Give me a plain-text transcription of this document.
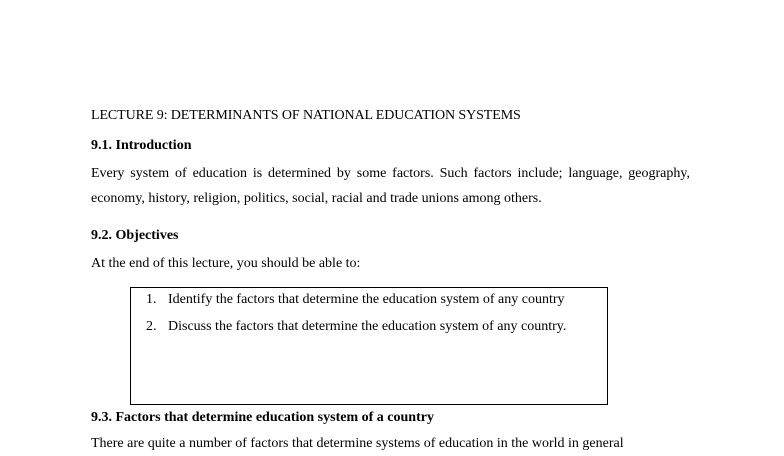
LECTURE 9: DETERMINANTS OF NATIONAL EDUCATION SYSTEMS
9.1. Introduction
Every system of education is determined by some factors. Such factors include; language, geography, economy, history, religion, politics, social, racial and trade unions among others.
9.2. Objectives
At the end of this lecture, you should be able to:
1. Identify the factors that determine the education system of any country
2. Discuss the factors that determine the education system of any country.
9.3. Factors that determine education system of a country
There are quite a number of factors that determine systems of education in the world in general
